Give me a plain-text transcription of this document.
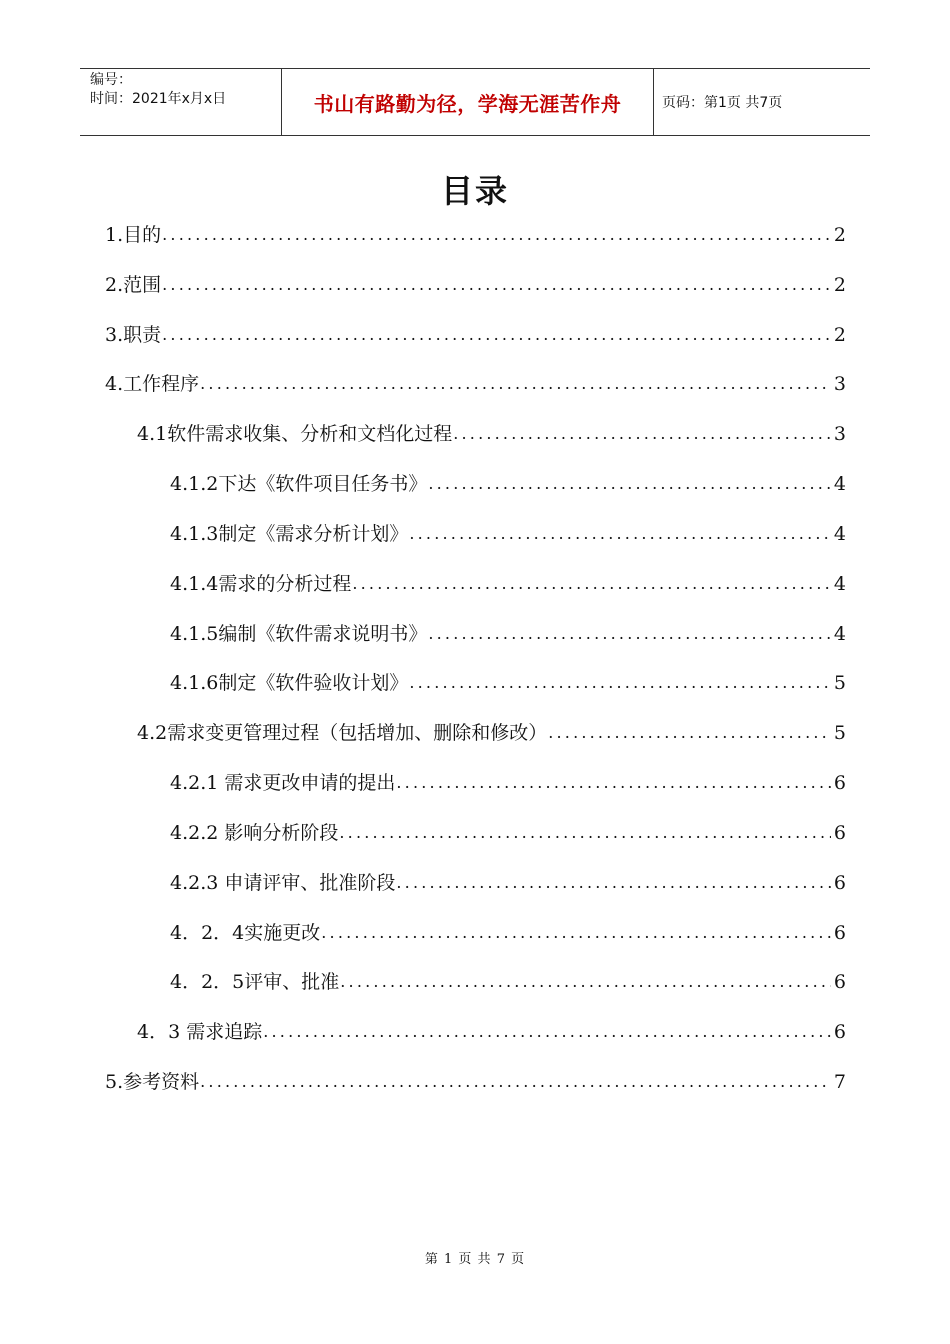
编号：
时间：2021年x月x日	书山有路勤为径，学海无涯苦作舟	页码：第1页 共7页
目录
1.目的 .....	2
2.范围 .....	2
3.职责 .....	2
4.工作程序 .....	3
4.1软件需求收集、分析和文档化过程 .....	3
4.1.2下达《软件项目任务书》 .....	4
4.1.3制定《需求分析计划》 .....	4
4.1.4需求的分析过程 .....	4
4.1.5编制《软件需求说明书》 .....	4
4.1.6制定《软件验收计划》 .....	5
4.2需求变更管理过程（包括增加、删除和修改） .....	5
4.2.1 需求更改申请的提出 .....	6
4.2.2 影响分析阶段 .....	6
4.2.3 申请评审、批准阶段 .....	6
4．2．4实施更改 .....	6
4．2．5评审、批准 .....	6
4．3 需求追踪 .....	6
5.参考资料 .....	7
第 1 页 共 7 页
